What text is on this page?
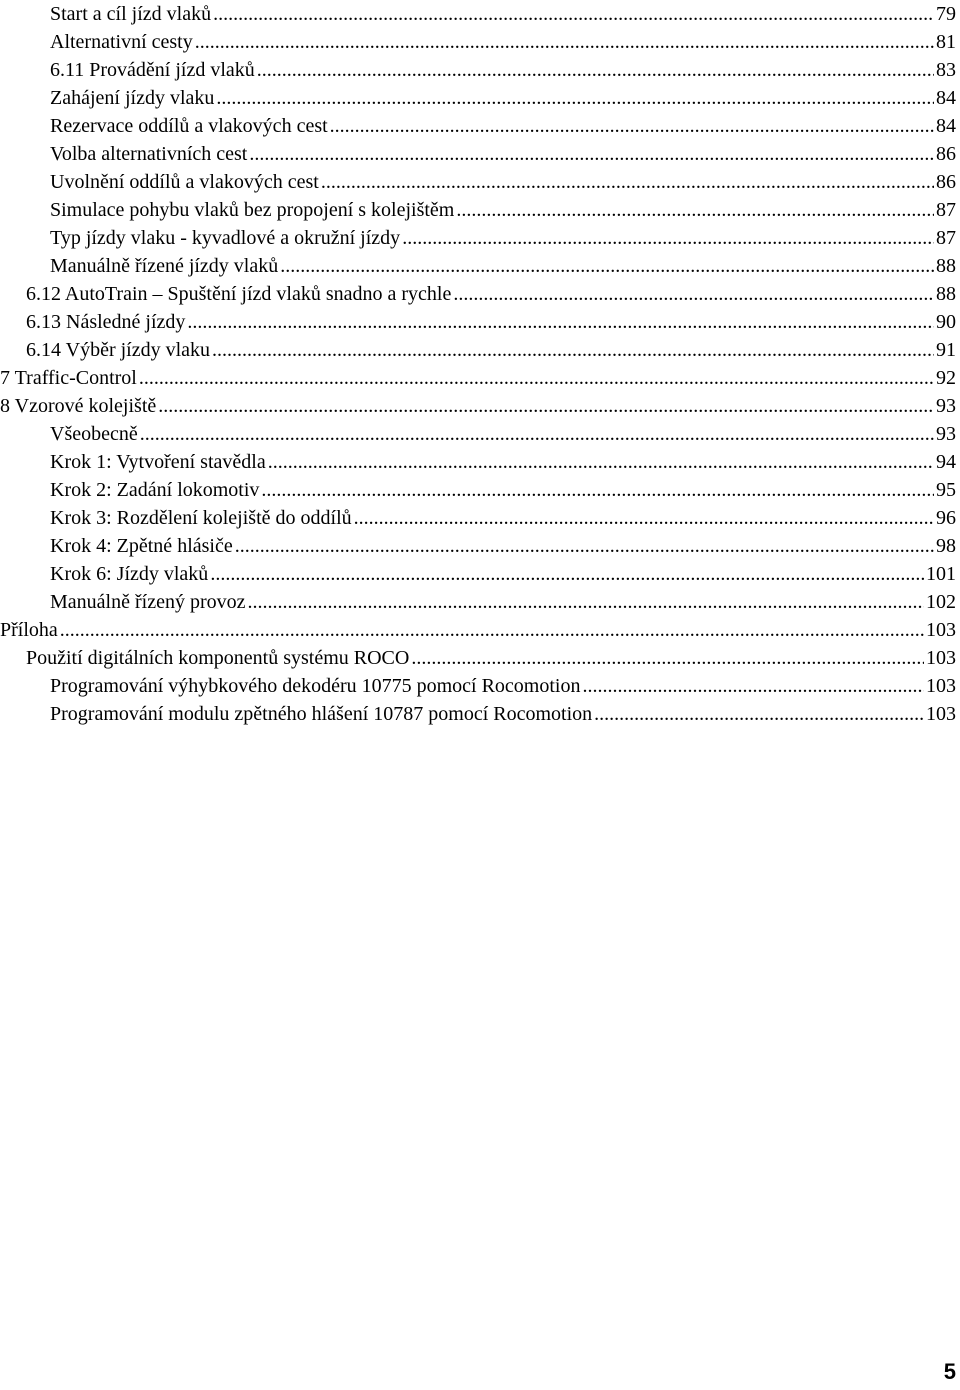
Start a cíl jízd vlaků .....	79
Alternativní cesty .....	81
6.11 Provádění jízd vlaků .....	83
Zahájení jízdy vlaku .....	84
Rezervace oddílů a vlakových cest .....	84
Volba alternativních cest .....	86
Uvolnění oddílů a vlakových cest .....	86
Simulace pohybu vlaků bez propojení s kolejištěm .....	87
Typ jízdy vlaku - kyvadlové a okružní jízdy .....	87
Manuálně řízené jízdy vlaků .....	88
6.12 AutoTrain – Spuštění jízd vlaků snadno a rychle .....	88
6.13 Následné jízdy .....	90
6.14 Výběr jízdy vlaku .....	91
7 Traffic-Control .....	92
8 Vzorové kolejiště .....	93
Všeobecně .....	93
Krok 1: Vytvoření stavědla .....	94
Krok 2: Zadání lokomotiv .....	95
Krok 3: Rozdělení kolejiště do oddílů .....	96
Krok 4: Zpětné hlásiče .....	98
Krok 6: Jízdy vlaků .....	101
Manuálně řízený provoz .....	102
Příloha .....	103
Použití digitálních komponentů systému ROCO .....	103
Programování výhybkového dekodéru 10775 pomocí Rocomotion .....	103
Programování modulu zpětného hlášení 10787 pomocí Rocomotion .....	103
5
